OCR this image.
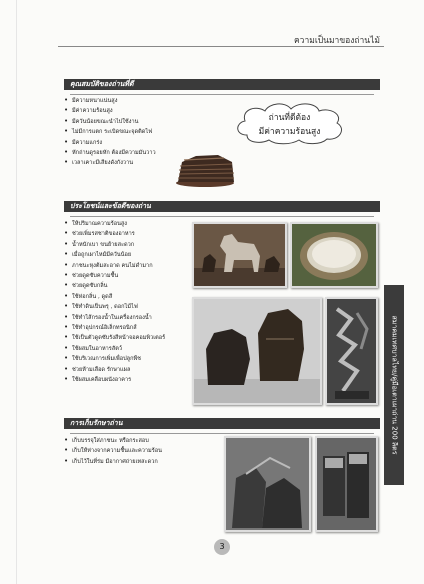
ความเป็นมาของถ่านไม้
คุณสมบัติของถ่านที่ดี
• มีความหนาแน่นสูง
• มีค่าความร้อนสูง
• มีควันน้อยขณะนำไปใช้งาน
• ไม่มีการแตก ระเบิดขณะจุดติดไฟ
• มีความแกร่ง
• หักถ่านดูรอยหัก ต้องมีความมันวาว
• เวลาเคาะมีเสียงดังกังวาน
ถ่านที่ดีต้อง
มีค่าความร้อนสูง
ประโยชน์และข้อดีของถ่าน
• ให้ปริมาณความร้อนสูง
• ช่วยเพิ่มรสชาติของอาหาร
• น้ำหนักเบา ขนย้ายสะดวก
• เมื่อถูกเผาไหม้มีควันน้อย
• ภาชนะหุงต้มสะอาด คนไม่ดำมาก
• ช่วยดูดซับความชื้น
• ช่วยดูดซับกลิ่น
• ใช้ห่อกลิ่น , ดูดสี
• ใช้ทำดินเป็นพรุ , ดอกไม้ไฟ
• ใช้ทำไส้กรองน้ำในเครื่องกรองน้ำ
• ใช้ทำอุปกรณ์อิเล็กทรอนิกส์
• ใช้เป็นตัวดูดซับรังสีหน้าจอคอมพิวเตอร์
• ใช้ผสมในอาหารสัตว์
• ใช้บริเวณการเพิ่มเพื่อปลูกพืช
• ช่วยห้ามเลือด รักษาแผล
• ใช้ผสมเคลือบผนังอาคาร
การเก็บรักษาถ่าน
• เก็บบรรจุใส่ภาชนะ หรือกระสอบ
• เก็บให้ห่างจากความชื้นและความร้อน
• เก็บไว้ในที่ร่ม มีอากาศถ่ายเทสะดวก
สมาคมเทศบาลไทย/คู่มือเตาเผาถ่าน 200 ลิตร
3
